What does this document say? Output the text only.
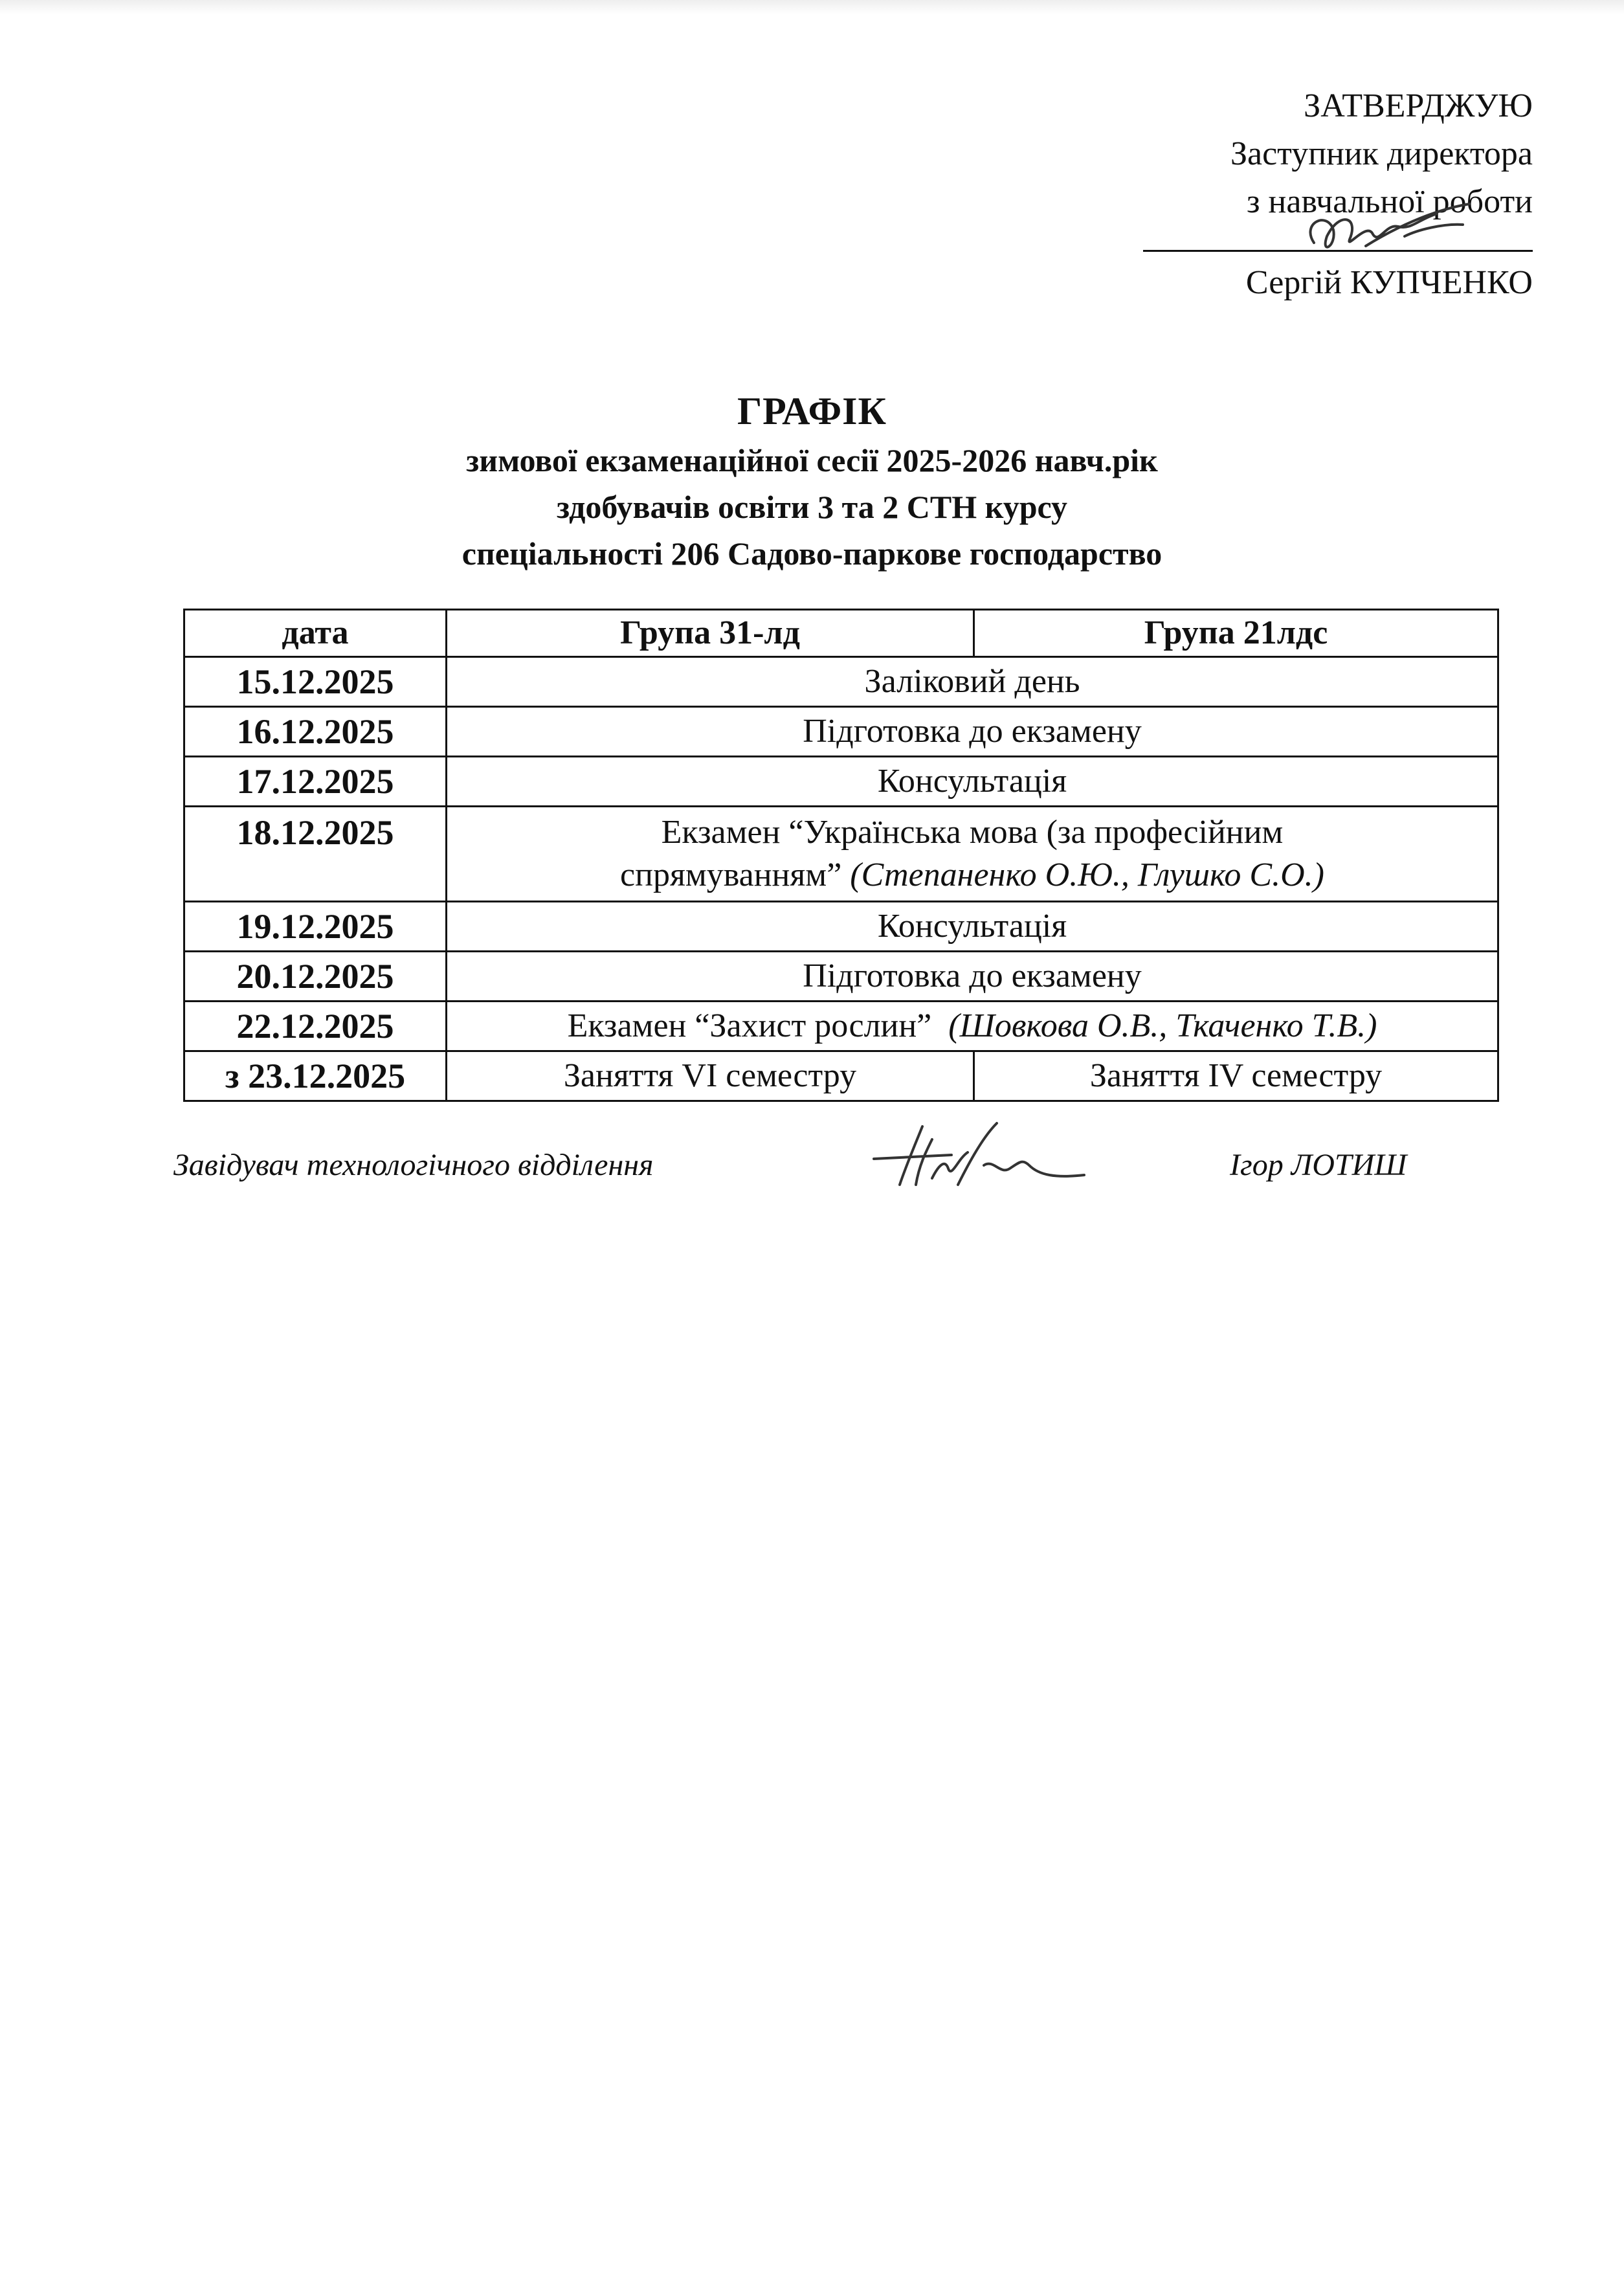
ЗАТВЕРДЖУЮ
Заступник директора
з навчальної роботи
Сергій КУПЧЕНКО
ГРАФІК
зимової екзаменаційної сесії 2025-2026 навч.рік
здобувачів освіти 3 та 2 СТН курсу
спеціальності 206 Садово-паркове господарство
дата	Група 31-лд	Група 21лдс
15.12.2025	Заліковий день	
16.12.2025	Підготовка до екзамену	
17.12.2025	Консультація	
18.12.2025	Екзамен “Українська мова (за професійним
спрямуванням” (Степаненко О.Ю., Глушко С.О.)	

19.12.2025	Консультація	
20.12.2025	Підготовка до екзамену	
22.12.2025	Екзамен “Захист рослин” (Шовкова О.В., Ткаченко Т.В.)	
з 23.12.2025	Заняття VI семестру	Заняття IV семестру
Завідувач технологічного відділення	Ігор ЛОТИШ
